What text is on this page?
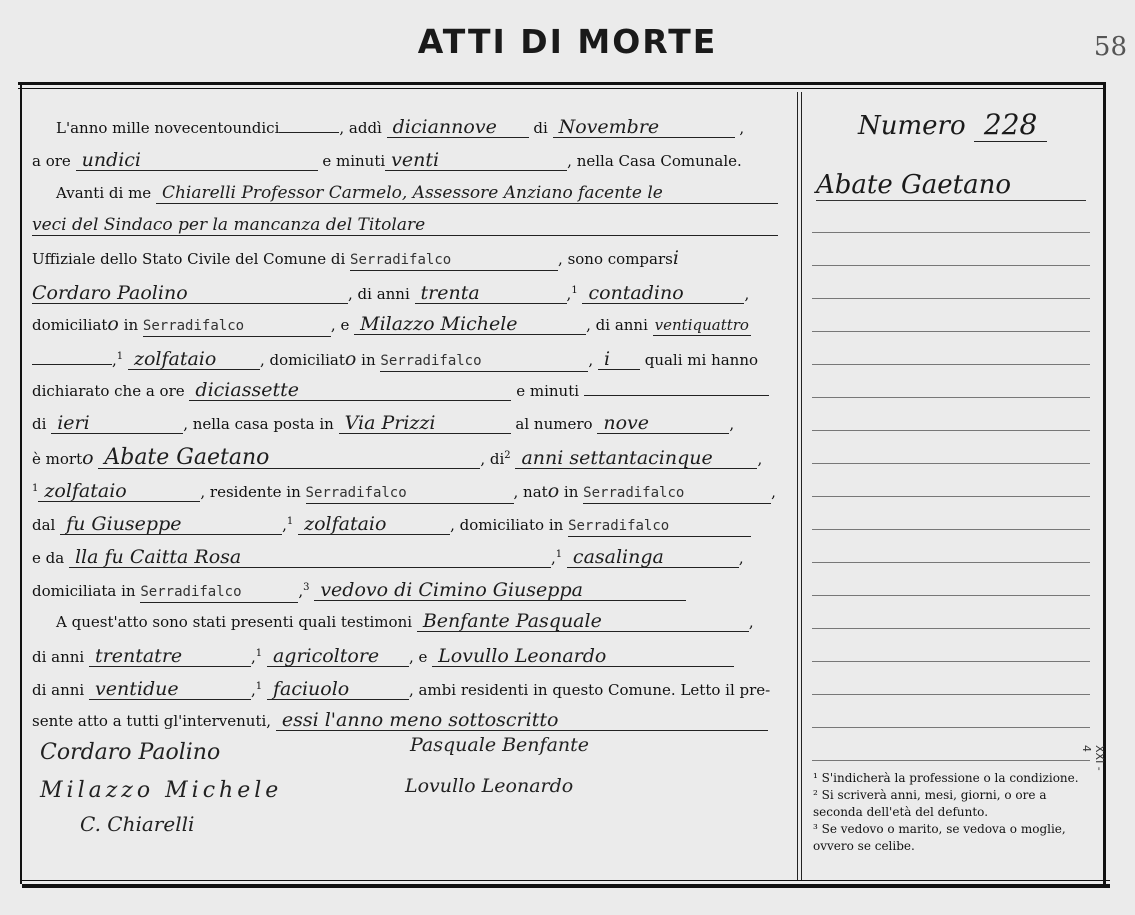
ATTI DI MORTE	58
L'anno mille novecentoundici	, addì diciannove di Novembre	,
a ore undici	e minuti venti	, nella Casa Comunale.
Avanti di me Chiarelli Professor Carmelo, Assessore Anziano facente le
veci del Sindaco per la mancanza del Titolare
Uffiziale dello Stato Civile del Comune di Serradifalco	, sono comparsi
Cordaro Paolino	, di anni trenta	,$^1$ contadino	,
domiciliato in Serradifalco	, e Milazzo Michele	, di anni ventiquattro
,$^1$ zolfataio	, domiciliato in Serradifalco	, i quali mi hanno
dichiarato che a ore diciassette	e minuti
di ieri	, nella casa posta in Via Prizzi	al numero nove	,
è morto Abate Gaetano	, $di^2$ anni settantacinque	,
$^1$ zolfataio	, residente in Serradifalco	, nato in Serradifalco	,
dal fu Giuseppe	,$^1$ zolfataio	, domiciliato in Serradifalco
e da lla fu Caitta Rosa	,$^1$ casalinga	,
domiciliata in Serradifalco	,$^3$ vedovo di Cimino Giuseppa
A quest'atto sono stati presenti quali testimoni Benfante Pasquale	,
di anni trentatre	,$^1$ agricoltore , e Lovullo Leonardo
di anni ventidue	,$^1$ faciuolo	, ambi residenti in questo Comune. Letto il pre-
sente atto a tutti gl'intervenuti, essi l'anno meno sottoscritto
Cordaro Paolino	Pasquale Benfante
Milazzo Michele	Lovullo Leonardo
C. Chiarelli
Numero 228
Abate Gaetano
¹ S'indicherà la professione o la condizione.
² Si scriverà anni, mesi, giorni, o ore a
seconda dell'età del defunto.
³ Se vedovo o marito, se vedova o moglie,
ovvero se celibe.
XXI - 4
